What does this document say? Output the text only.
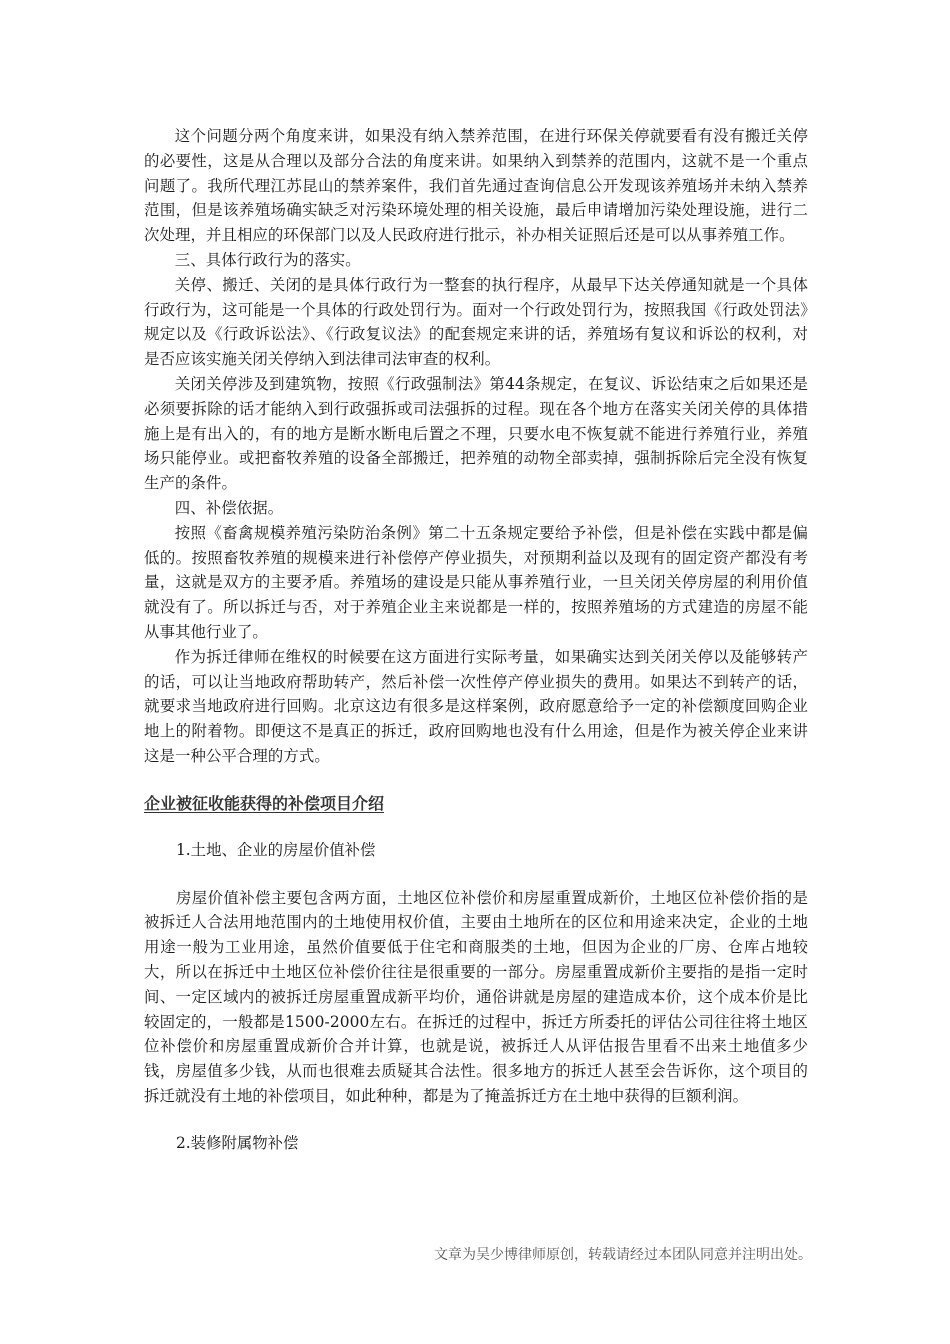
这个问题分两个角度来讲，如果没有纳入禁养范围，在进行环保关停就要看有没有搬迁关停的必要性，这是从合理以及部分合法的角度来讲。如果纳入到禁养的范围内，这就不是一个重点问题了。我所代理江苏昆山的禁养案件，我们首先通过查询信息公开发现该养殖场并未纳入禁养范围，但是该养殖场确实缺乏对污染环境处理的相关设施，最后申请增加污染处理设施，进行二次处理，并且相应的环保部门以及人民政府进行批示，补办相关证照后还是可以从事养殖工作。

三、具体行政行为的落实。

关停、搬迁、关闭的是具体行政行为一整套的执行程序，从最早下达关停通知就是一个具体行政行为，这可能是一个具体的行政处罚行为。面对一个行政处罚行为，按照我国《行政处罚法》规定以及《行政诉讼法》、《行政复议法》的配套规定来讲的话，养殖场有复议和诉讼的权利，对是否应该实施关闭关停纳入到法律司法审查的权利。

关闭关停涉及到建筑物，按照《行政强制法》第44条规定，在复议、诉讼结束之后如果还是必须要拆除的话才能纳入到行政强拆或司法强拆的过程。现在各个地方在落实关闭关停的具体措施上是有出入的，有的地方是断水断电后置之不理，只要水电不恢复就不能进行养殖行业，养殖场只能停业。或把畜牧养殖的设备全部搬迁，把养殖的动物全部卖掉，强制拆除后完全没有恢复生产的条件。

四、补偿依据。

按照《畜禽规模养殖污染防治条例》第二十五条规定要给予补偿，但是补偿在实践中都是偏低的。按照畜牧养殖的规模来进行补偿停产停业损失，对预期利益以及现有的固定资产都没有考量，这就是双方的主要矛盾。养殖场的建设是只能从事养殖行业，一旦关闭关停房屋的利用价值就没有了。所以拆迁与否，对于养殖企业主来说都是一样的，按照养殖场的方式建造的房屋不能从事其他行业了。

作为拆迁律师在维权的时候要在这方面进行实际考量，如果确实达到关闭关停以及能够转产的话，可以让当地政府帮助转产，然后补偿一次性停产停业损失的费用。如果达不到转产的话，就要求当地政府进行回购。北京这边有很多是这样案例，政府愿意给予一定的补偿额度回购企业地上的附着物。即便这不是真正的拆迁，政府回购地也没有什么用途，但是作为被关停企业来讲这是一种公平合理的方式。

企业被征收能获得的补偿项目介绍
1.土地、企业的房屋价值补偿

房屋价值补偿主要包含两方面，土地区位补偿价和房屋重置成新价，土地区位补偿价指的是被拆迁人合法用地范围内的土地使用权价值，主要由土地所在的区位和用途来决定，企业的土地用途一般为工业用途，虽然价值要低于住宅和商服类的土地，但因为企业的厂房、仓库占地较大，所以在拆迁中土地区位补偿价往往是很重要的一部分。房屋重置成新价主要指的是指一定时间、一定区域内的被拆迁房屋重置成新平均价，通俗讲就是房屋的建造成本价，这个成本价是比较固定的，一般都是1500-2000左右。在拆迁的过程中，拆迁方所委托的评估公司往往将土地区位补偿价和房屋重置成新价合并计算，也就是说，被拆迁人从评估报告里看不出来土地值多少钱，房屋值多少钱，从而也很难去质疑其合法性。很多地方的拆迁人甚至会告诉你，这个项目的拆迁就没有土地的补偿项目，如此种种，都是为了掩盖拆迁方在土地中获得的巨额利润。

2.装修附属物补偿
文章为吴少博律师原创，转载请经过本团队同意并注明出处。
